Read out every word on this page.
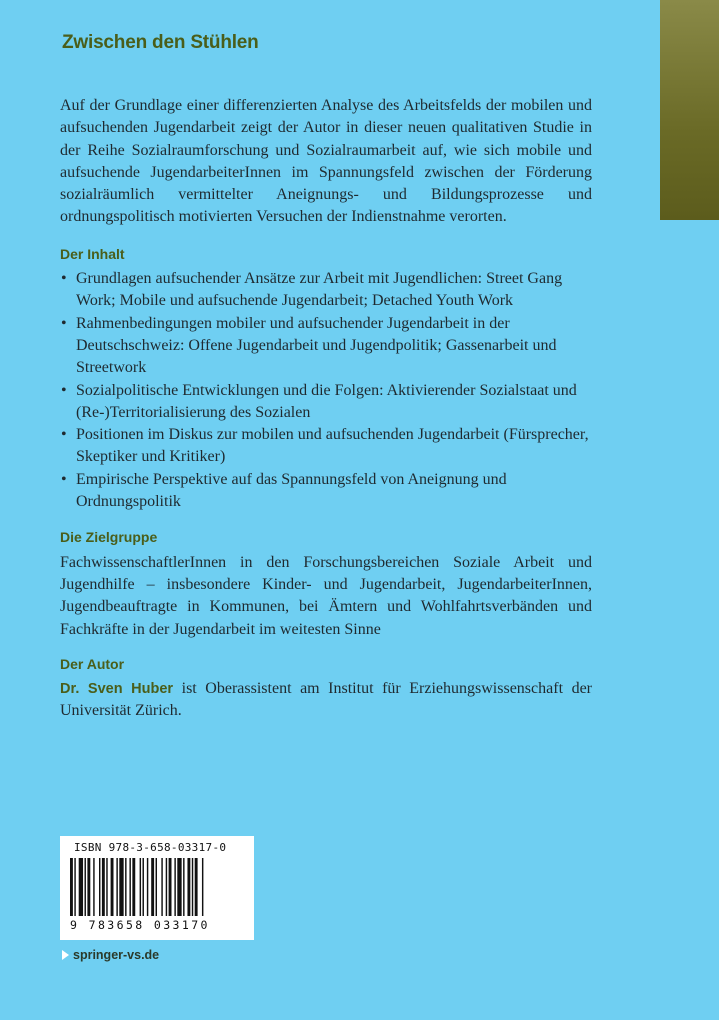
Zwischen den Stühlen

Auf der Grundlage einer differenzierten Analyse des Arbeitsfelds der mobilen und aufsuchenden Jugendarbeit zeigt der Autor in dieser neuen qualitativen Studie in der Reihe Sozialraumforschung und Sozialraumarbeit auf, wie sich mobile und aufsuchende JugendarbeiterInnen im Spannungsfeld zwischen der Förderung sozialräumlich vermittelter Aneignungs- und Bildungsprozesse und ordnungspolitisch motivierten Versuchen der Indienstnahme verorten.

Der Inhalt
• Grundlagen aufsuchender Ansätze zur Arbeit mit Jugendlichen: Street Gang Work; Mobile und aufsuchende Jugendarbeit; Detached Youth Work
• Rahmenbedingungen mobiler und aufsuchender Jugendarbeit in der Deutschschweiz: Offene Jugendarbeit und Jugendpolitik; Gassenarbeit und Streetwork
• Sozialpolitische Entwicklungen und die Folgen: Aktivierender Sozialstaat und (Re-)Territorialisierung des Sozialen
• Positionen im Diskus zur mobilen und aufsuchenden Jugendarbeit (Fürsprecher, Skeptiker und Kritiker)
• Empirische Perspektive auf das Spannungsfeld von Aneignung und Ordnungspolitik
Die Zielgruppe

FachwissenschaftlerInnen in den Forschungsbereichen Soziale Arbeit und Jugendhilfe – insbesondere Kinder- und Jugendarbeit, JugendarbeiterInnen, Jugendbeauftragte in Kommunen, bei Ämtern und Wohlfahrtsverbänden und Fachkräfte in der Jugendarbeit im weitesten Sinne

Der Autor

Dr. Sven Huber ist Oberassistent am Institut für Erziehungswissenschaft der Universität Zürich.

ISBN 978-3-658-03317-0
9 783658 033170
springer-vs.de
